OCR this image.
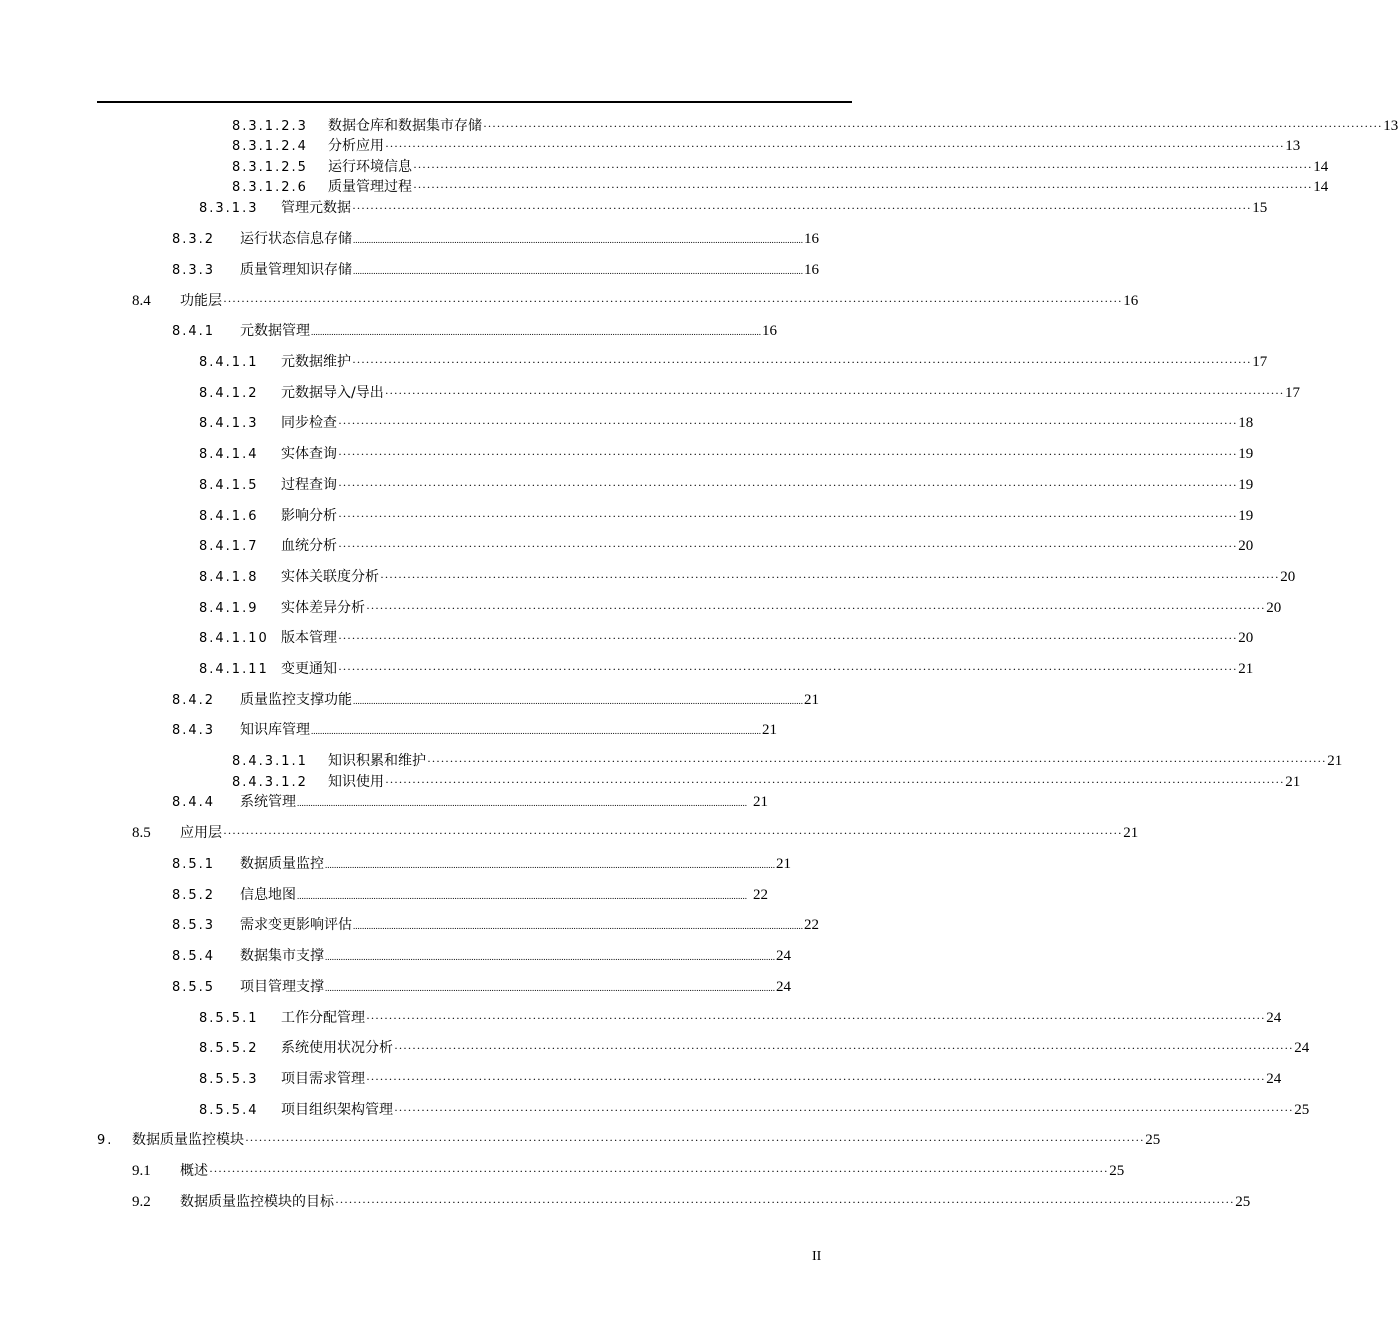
8.3.1.2.3	数据仓库和数据集市存储 ········································································································································································································ 13
8.3.1.2.4	分析应用 ········································································································································································································ 13
8.3.1.2.5	运行环境信息 ········································································································································································································ 14
8.3.1.2.6	质量管理过程 ········································································································································································································ 14
8.3.1.3	管理元数据 ········································································································································································································ 15
8.3.2	运行状态信息存储 ........................................................................................................................................................................................................ 16
8.3.3	质量管理知识存储 ........................................................................................................................................................................................................ 16
8.4	功能层 ········································································································································································································ 16
8.4.1	元数据管理 ........................................................................................................................................................................................................ 16
8.4.1.1	元数据维护 ········································································································································································································ 17
8.4.1.2	元数据导入/导出 ········································································································································································································ 17
8.4.1.3	同步检查 ········································································································································································································ 18
8.4.1.4	实体查询 ········································································································································································································ 19
8.4.1.5	过程查询 ········································································································································································································ 19
8.4.1.6	影响分析 ········································································································································································································ 19
8.4.1.7	血统分析 ········································································································································································································ 20
8.4.1.8	实体关联度分析 ········································································································································································································ 20
8.4.1.9	实体差异分析 ········································································································································································································ 20
8.4.1.10 版本管理 ········································································································································································································ 20
8.4.1.11 变更通知 ········································································································································································································ 21
8.4.2	质量监控支撑功能 ........................................................................................................................................................................................................ 21
8.4.3	知识库管理 ........................................................................................................................................................................................................ 21
8.4.3.1.1	知识积累和维护 ········································································································································································································ 21
8.4.3.1.2	知识使用 ········································································································································································································ 21
8.4.4	系统管理 ........................................................................................................................................................................................................ 21
8.5	应用层 ········································································································································································································ 21
8.5.1	数据质量监控 ........................................................................................................................................................................................................ 21
8.5.2	信息地图 ........................................................................................................................................................................................................ 22
8.5.3	需求变更影响评估 ........................................................................................................................................................................................................ 22
8.5.4	数据集市支撑 ........................................................................................................................................................................................................ 24
8.5.5	项目管理支撑 ........................................................................................................................................................................................................ 24
8.5.5.1	工作分配管理 ········································································································································································································ 24
8.5.5.2	系统使用状况分析 ········································································································································································································ 24
8.5.5.3	项目需求管理 ········································································································································································································ 24
8.5.5.4	项目组织架构管理 ········································································································································································································ 25
9.	数据质量监控模块 ········································································································································································································ 25
9.1	概述 ········································································································································································································ 25
9.2	数据质量监控模块的目标 ········································································································································································································ 25
II
